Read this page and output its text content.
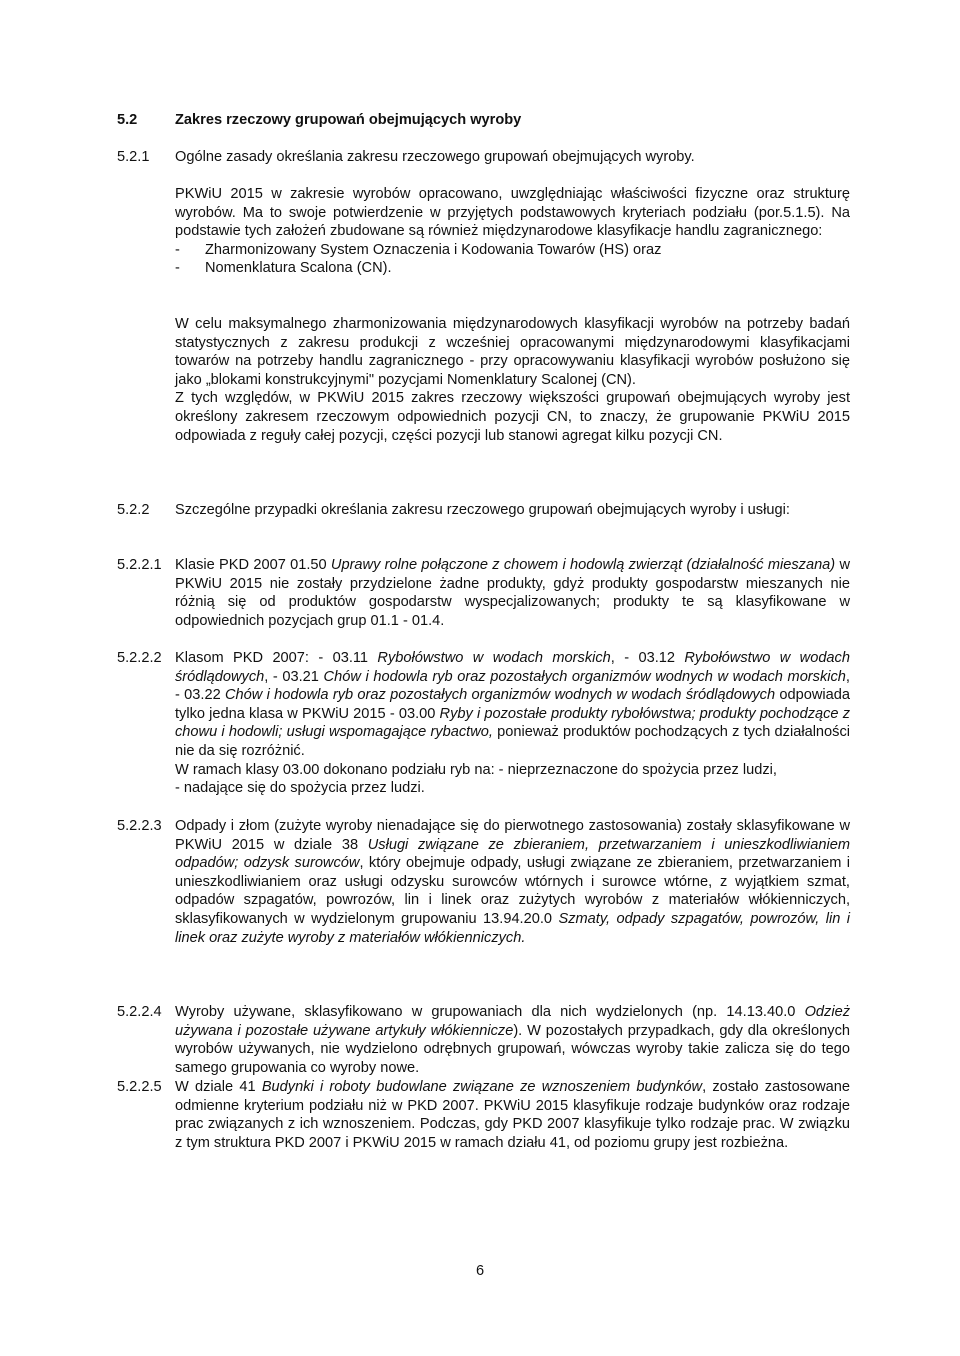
5.2	Zakres rzeczowy grupowań obejmujących wyroby
5.2.1 Ogólne zasady określania zakresu rzeczowego grupowań obejmujących wyroby.

PKWiU 2015 w zakresie wyrobów opracowano, uwzględniając właściwości fizyczne oraz strukturę wyrobów. Ma to swoje potwierdzenie w przyjętych podstawowych kryteriach podziału (por.5.1.5). Na podstawie tych założeń zbudowane są również międzynarodowe klasyfikacje handlu zagranicznego:

-	Zharmonizowany System Oznaczenia i Kodowania Towarów (HS) oraz
-	Nomenklatura Scalona (CN).

W celu maksymalnego zharmonizowania międzynarodowych klasyfikacji wyrobów na potrzeby badań statystycznych z zakresu produkcji z wcześniej opracowanymi międzynarodowymi klasyfikacjami towarów na potrzeby handlu zagranicznego - przy opracowywaniu klasyfikacji wyrobów posłużono się jako „blokami konstrukcyjnymi" pozycjami Nomenklatury Scalonej (CN).

Z tych względów, w PKWiU 2015 zakres rzeczowy większości grupowań obejmujących wyroby jest określony zakresem rzeczowym odpowiednich pozycji CN, to znaczy, że grupowanie PKWiU 2015 odpowiada z reguły całej pozycji, części pozycji lub stanowi agregat kilku pozycji CN.

5.2.2 Szczególne przypadki określania zakresu rzeczowego grupowań obejmujących wyroby i usługi:
5.2.2.1 Klasie PKD 2007 01.50 Uprawy rolne połączone z chowem i hodowlą zwierząt (działalność mieszana) w PKWiU 2015 nie zostały przydzielone żadne produkty, gdyż produkty gospodarstw mieszanych nie różnią się od produktów gospodarstw wyspecjalizowanych; produkty te są klasyfikowane w odpowiednich pozycjach grup 01.1 - 01.4.

5.2.2.2 Klasom PKD 2007: - 03.11 Rybołówstwo w wodach morskich, - 03.12 Rybołówstwo w wodach śródlądowych, - 03.21 Chów i hodowla ryb oraz pozostałych organizmów wodnych w wodach morskich, - 03.22 Chów i hodowla ryb oraz pozostałych organizmów wodnych w wodach śródlądowych odpowiada tylko jedna klasa w PKWiU 2015 - 03.00 Ryby i pozostałe produkty rybołówstwa; produkty pochodzące z chowu i hodowli; usługi wspomagające rybactwo, ponieważ produktów pochodzących z tych działalności nie da się rozróżnić.

W ramach klasy 03.00 dokonano podziału ryb na: - nieprzeznaczone do spożycia przez ludzi,

- nadające się do spożycia przez ludzi.

5.2.2.3 Odpady i złom (zużyte wyroby nienadające się do pierwotnego zastosowania) zostały sklasyfikowane w PKWiU 2015 w dziale 38 Usługi związane ze zbieraniem, przetwarzaniem i unieszkodliwianiem odpadów; odzysk surowców, który obejmuje odpady, usługi związane ze zbieraniem, przetwarzaniem i unieszkodliwianiem oraz usługi odzysku surowców wtórnych i surowce wtórne, z wyjątkiem szmat, odpadów szpagatów, powrozów, lin i linek oraz zużytych wyrobów z materiałów włókienniczych, sklasyfikowanych w wydzielonym grupowaniu 13.94.20.0 Szmaty, odpady szpagatów, powrozów, lin i linek oraz zużyte wyroby z materiałów włókienniczych.

5.2.2.4 Wyroby używane, sklasyfikowano w grupowaniach dla nich wydzielonych (np. 14.13.40.0 Odzież używana i pozostałe używane artykuły włókiennicze). W pozostałych przypadkach, gdy dla określonych wyrobów używanych, nie wydzielono odrębnych grupowań, wówczas wyroby takie zalicza się do tego samego grupowania co wyroby nowe.

5.2.2.5 W dziale 41 Budynki i roboty budowlane związane ze wznoszeniem budynków, zostało zastosowane odmienne kryterium podziału niż w PKD 2007. PKWiU 2015 klasyfikuje rodzaje budynków oraz rodzaje prac związanych z ich wznoszeniem. Podczas, gdy PKD 2007 klasyfikuje tylko rodzaje prac. W związku z tym struktura PKD 2007 i PKWiU 2015 w ramach działu 41, od poziomu grupy jest rozbieżna.

6
